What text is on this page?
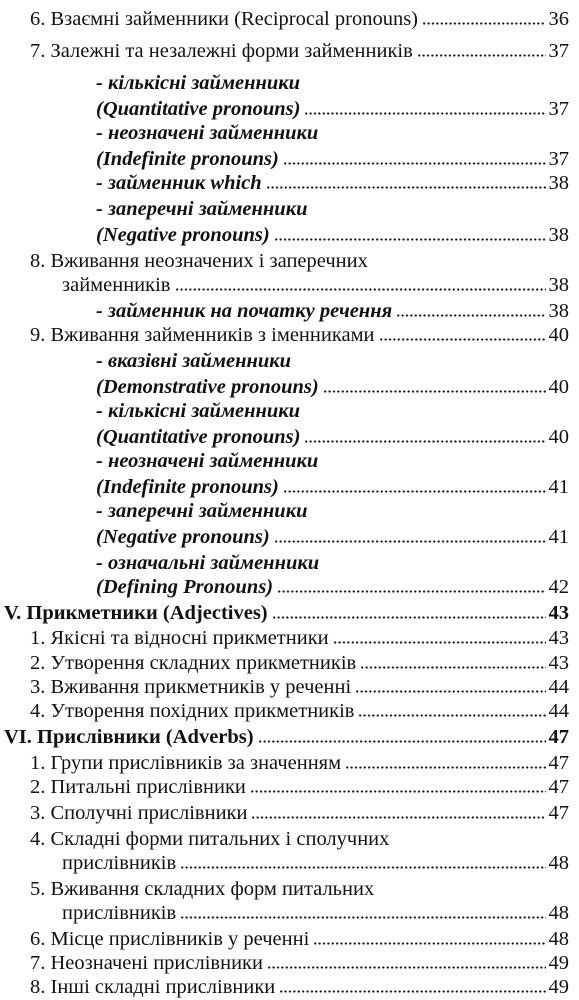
6. Взаємні займенники (Reciprocal pronouns)	36
7. Залежні та незалежні форми займенників	37
- кількісні займенники
(Quantitative pronouns)	37
- неозначені займенники
(Indefinite pronouns)	37
- займенник which	38
- заперечні займенники
(Negative pronouns)	38
8. Вживання неозначених і заперечних
займенників	38
- займенник на початку речення	38
9. Вживання займенників з іменниками	40
- вказівні займенники
(Demonstrative pronouns)	40
- кількісні займенники
(Quantitative pronouns)	40
- неозначені займенники
(Indefinite pronouns)	41
- заперечні займенники
(Negative pronouns)	41
- означальні займенники
(Defining Pronouns)	42
V. Прикметники (Adjectives)	43
1. Якісні та відносні прикметники	43
2. Утворення складних прикметників	43
3. Вживання прикметників у реченні	44
4. Утворення похідних прикметників	44
VI. Прислівники (Adverbs)	47
1. Групи прислівників за значенням	47
2. Питальні прислівники	47
3. Сполучні прислівники	47
4. Складні форми питальних і сполучних
прислівників	48
5. Вживання складних форм питальних
прислівників	48
6. Місце прислівників у реченні	48
7. Неозначені прислівники	49
8. Інші складні прислівники	49
